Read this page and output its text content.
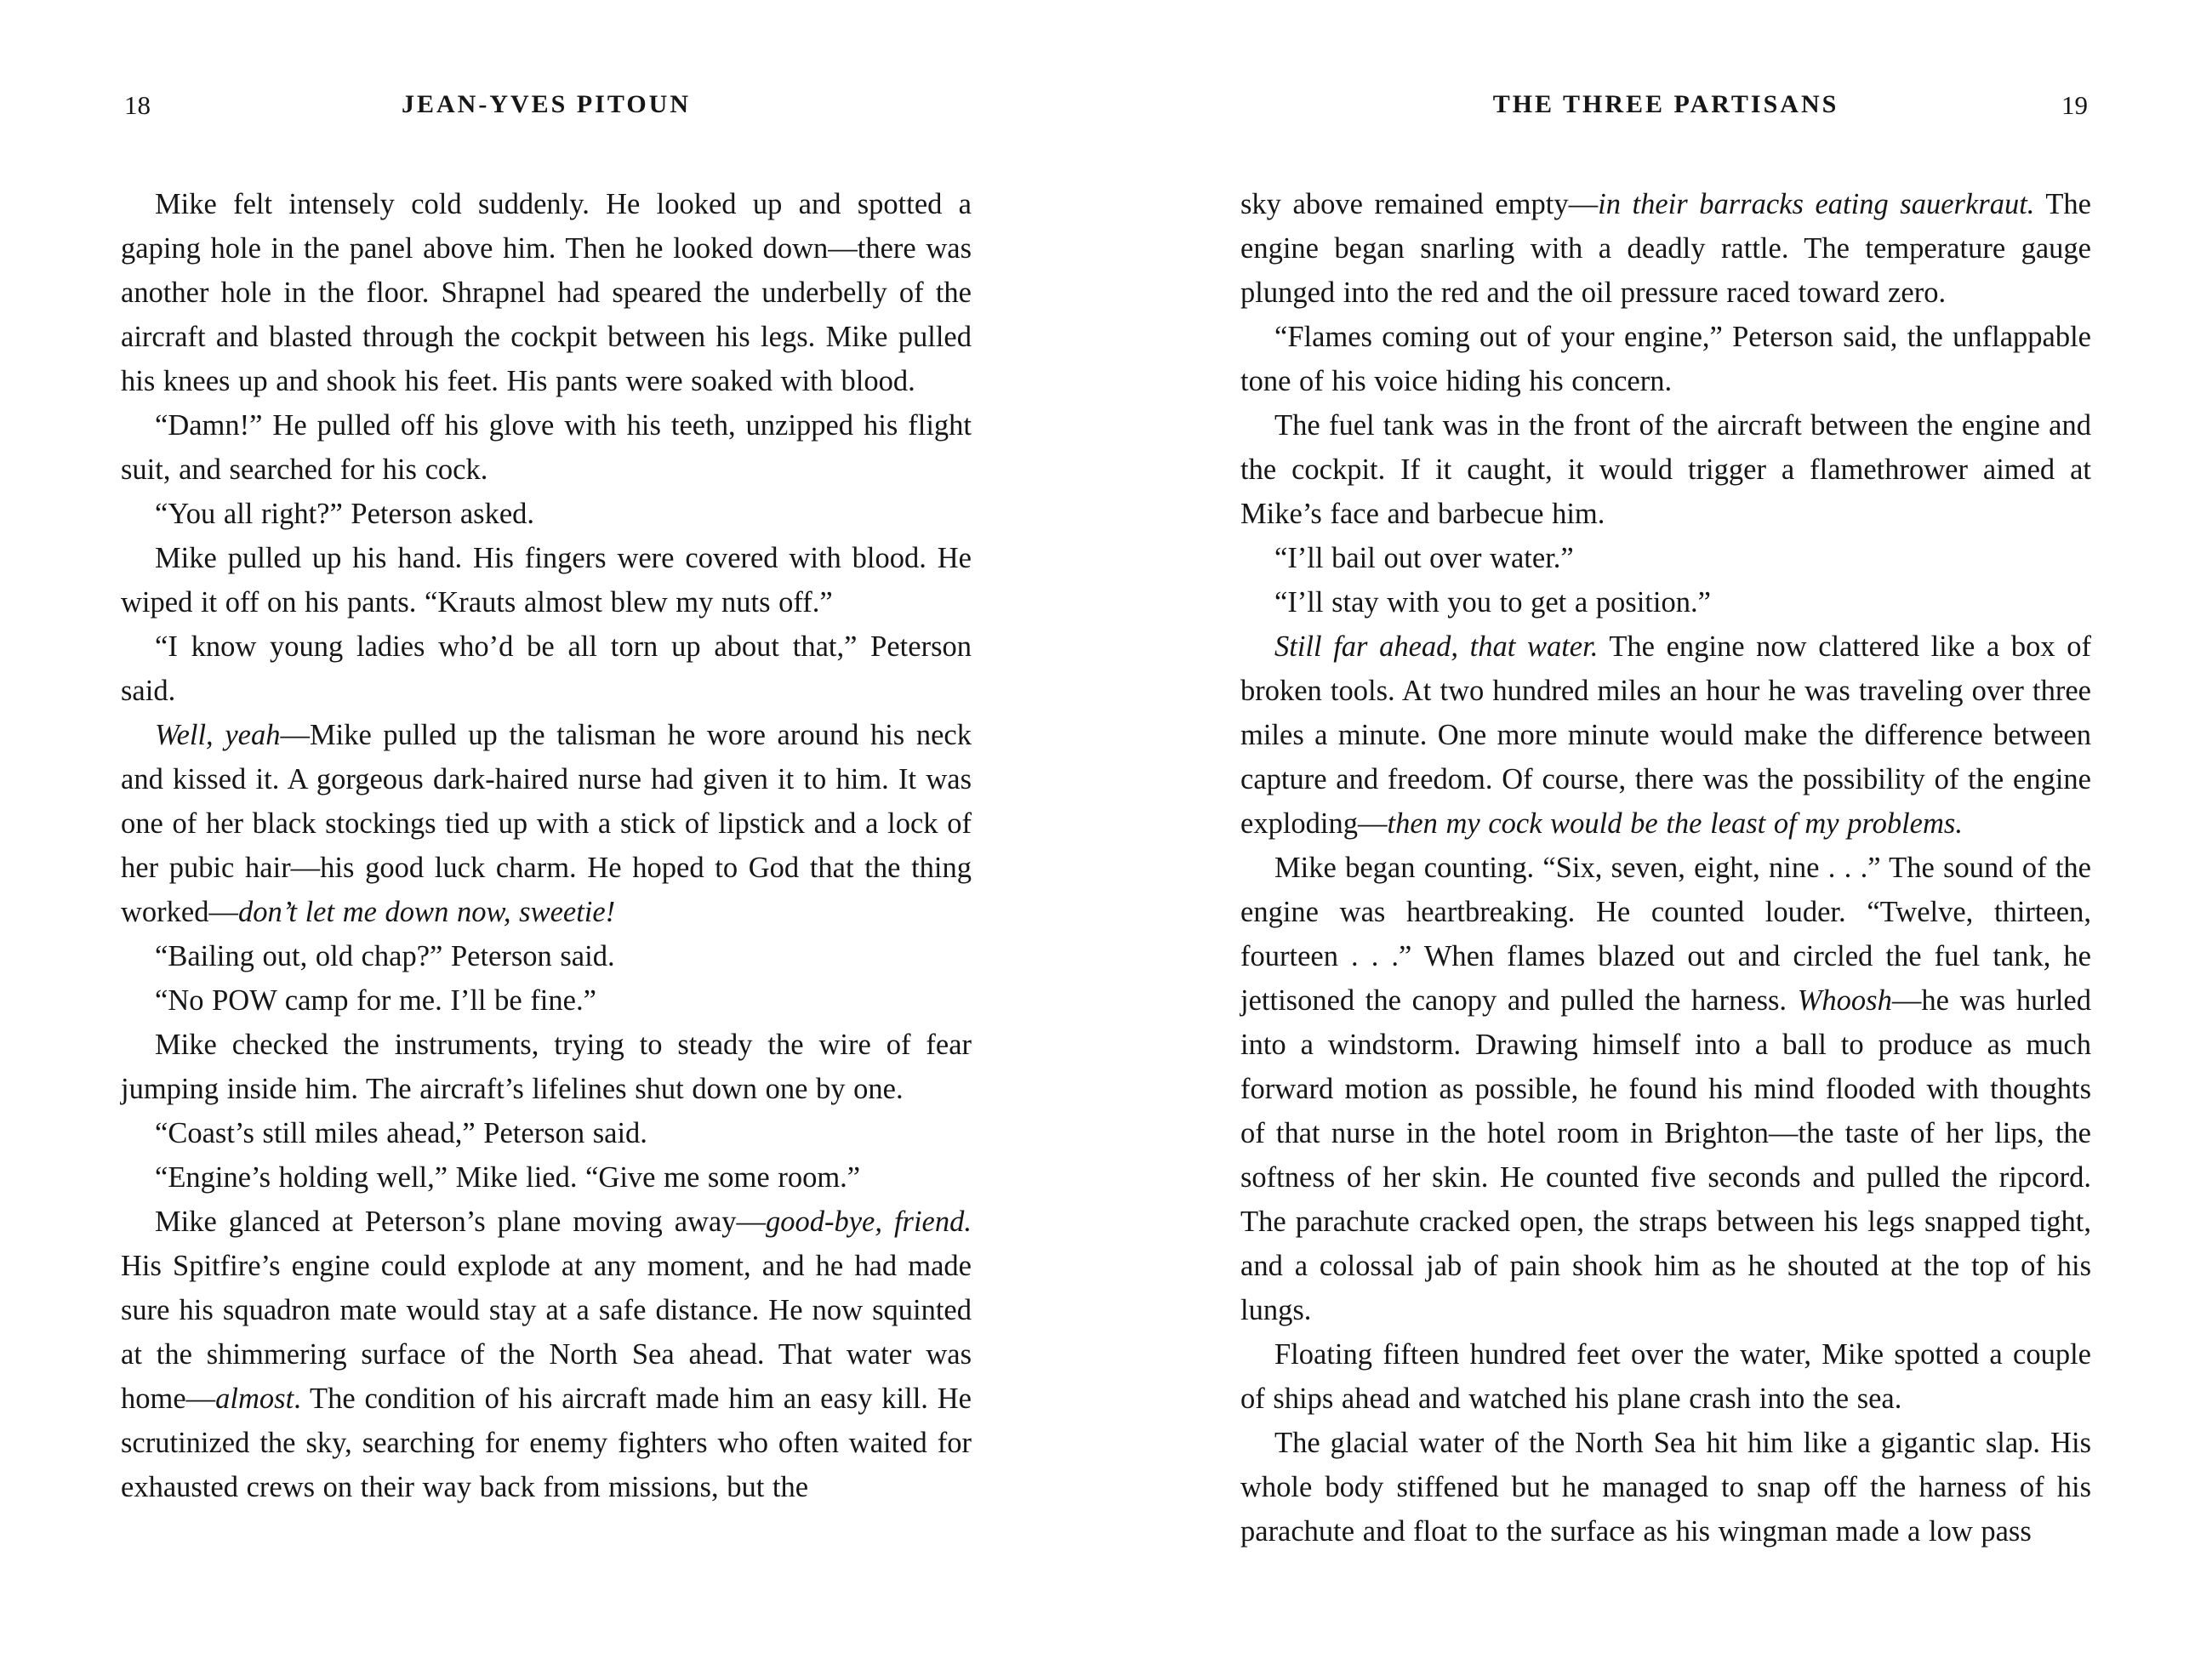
18	JEAN-YVES PITOUN

Mike felt intensely cold suddenly. He looked up and spotted a gaping hole in the panel above him. Then he looked down—there was another hole in the floor. Shrapnel had speared the underbelly of the aircraft and blasted through the cockpit between his legs. Mike pulled his knees up and shook his feet. His pants were soaked with blood.

“Damn!” He pulled off his glove with his teeth, unzipped his flight suit, and searched for his cock.

“You all right?” Peterson asked.

Mike pulled up his hand. His fingers were covered with blood. He wiped it off on his pants. “Krauts almost blew my nuts off.”

“I know young ladies who’d be all torn up about that,” Peterson said.

Well, yeah—Mike pulled up the talisman he wore around his neck and kissed it. A gorgeous dark-haired nurse had given it to him. It was one of her black stockings tied up with a stick of lipstick and a lock of her pubic hair—his good luck charm. He hoped to God that the thing worked—don’t let me down now, sweetie!

“Bailing out, old chap?” Peterson said.

“No POW camp for me. I’ll be fine.”

Mike checked the instruments, trying to steady the wire of fear jumping inside him. The aircraft’s lifelines shut down one by one.

“Coast’s still miles ahead,” Peterson said.

“Engine’s holding well,” Mike lied. “Give me some room.”

Mike glanced at Peterson’s plane moving away—good-bye, friend. His Spitfire’s engine could explode at any moment, and he had made sure his squadron mate would stay at a safe distance. He now squinted at the shimmering surface of the North Sea ahead. That water was home—almost. The condition of his aircraft made him an easy kill. He scrutinized the sky, searching for enemy fighters who often waited for exhausted crews on their way back from missions, but the

THE THREE PARTISANS	19

sky above remained empty—in their barracks eating sauerkraut. The engine began snarling with a deadly rattle. The temperature gauge plunged into the red and the oil pressure raced toward zero.

“Flames coming out of your engine,” Peterson said, the unflappable tone of his voice hiding his concern.

The fuel tank was in the front of the aircraft between the engine and the cockpit. If it caught, it would trigger a flamethrower aimed at Mike’s face and barbecue him.

“I’ll bail out over water.”

“I’ll stay with you to get a position.”

Still far ahead, that water. The engine now clattered like a box of broken tools. At two hundred miles an hour he was traveling over three miles a minute. One more minute would make the difference between capture and freedom. Of course, there was the possibility of the engine exploding—then my cock would be the least of my problems.

Mike began counting. “Six, seven, eight, nine . . .” The sound of the engine was heartbreaking. He counted louder. “Twelve, thirteen, fourteen . . .” When flames blazed out and circled the fuel tank, he jettisoned the canopy and pulled the harness. Whoosh—he was hurled into a windstorm. Drawing himself into a ball to produce as much forward motion as possible, he found his mind flooded with thoughts of that nurse in the hotel room in Brighton—the taste of her lips, the softness of her skin. He counted five seconds and pulled the ripcord. The parachute cracked open, the straps between his legs snapped tight, and a colossal jab of pain shook him as he shouted at the top of his lungs.

Floating fifteen hundred feet over the water, Mike spotted a couple of ships ahead and watched his plane crash into the sea.

The glacial water of the North Sea hit him like a gigantic slap. His whole body stiffened but he managed to snap off the harness of his parachute and float to the surface as his wingman made a low pass
